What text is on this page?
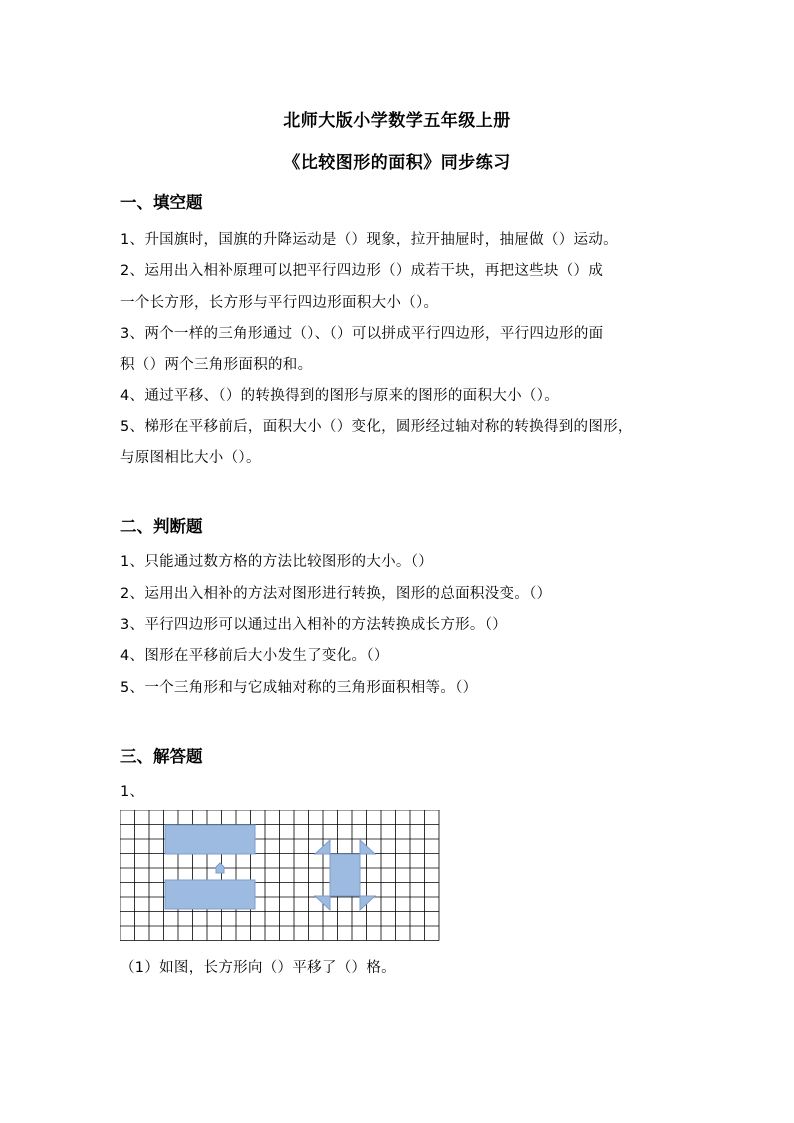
北师大版小学数学五年级上册
《比较图形的面积》同步练习
一、填空题
1、升国旗时，国旗的升降运动是（）现象，拉开抽屉时，抽屉做（）运动。
2、运用出入相补原理可以把平行四边形（）成若干块，再把这些块（）成
一个长方形，长方形与平行四边形面积大小（）。
3、两个一样的三角形通过（）、（）可以拼成平行四边形，平行四边形的面
积（）两个三角形面积的和。
4、通过平移、（）的转换得到的图形与原来的图形的面积大小（）。
5、梯形在平移前后，面积大小（）变化，圆形经过轴对称的转换得到的图形，
与原图相比大小（）。
二、判断题
1、只能通过数方格的方法比较图形的大小。（）
2、运用出入相补的方法对图形进行转换，图形的总面积没变。（）
3、平行四边形可以通过出入相补的方法转换成长方形。（）
4、图形在平移前后大小发生了变化。（）
5、一个三角形和与它成轴对称的三角形面积相等。（）
三、解答题
1、
（1）如图，长方形向（）平移了（）格。
